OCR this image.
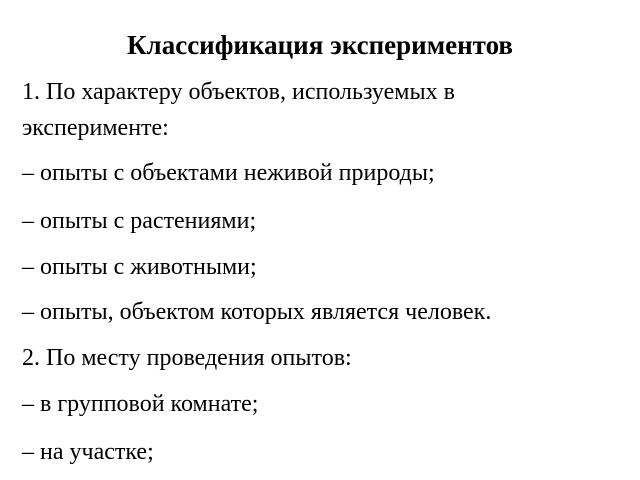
Классификация экспериментов
1. По характеру объектов, используемых в
эксперименте:
– опыты с объектами неживой природы;
– опыты с растениями;
– опыты с животными;
– опыты, объектом которых является человек.
2. По месту проведения опытов:
– в групповой комнате;
– на участке;
